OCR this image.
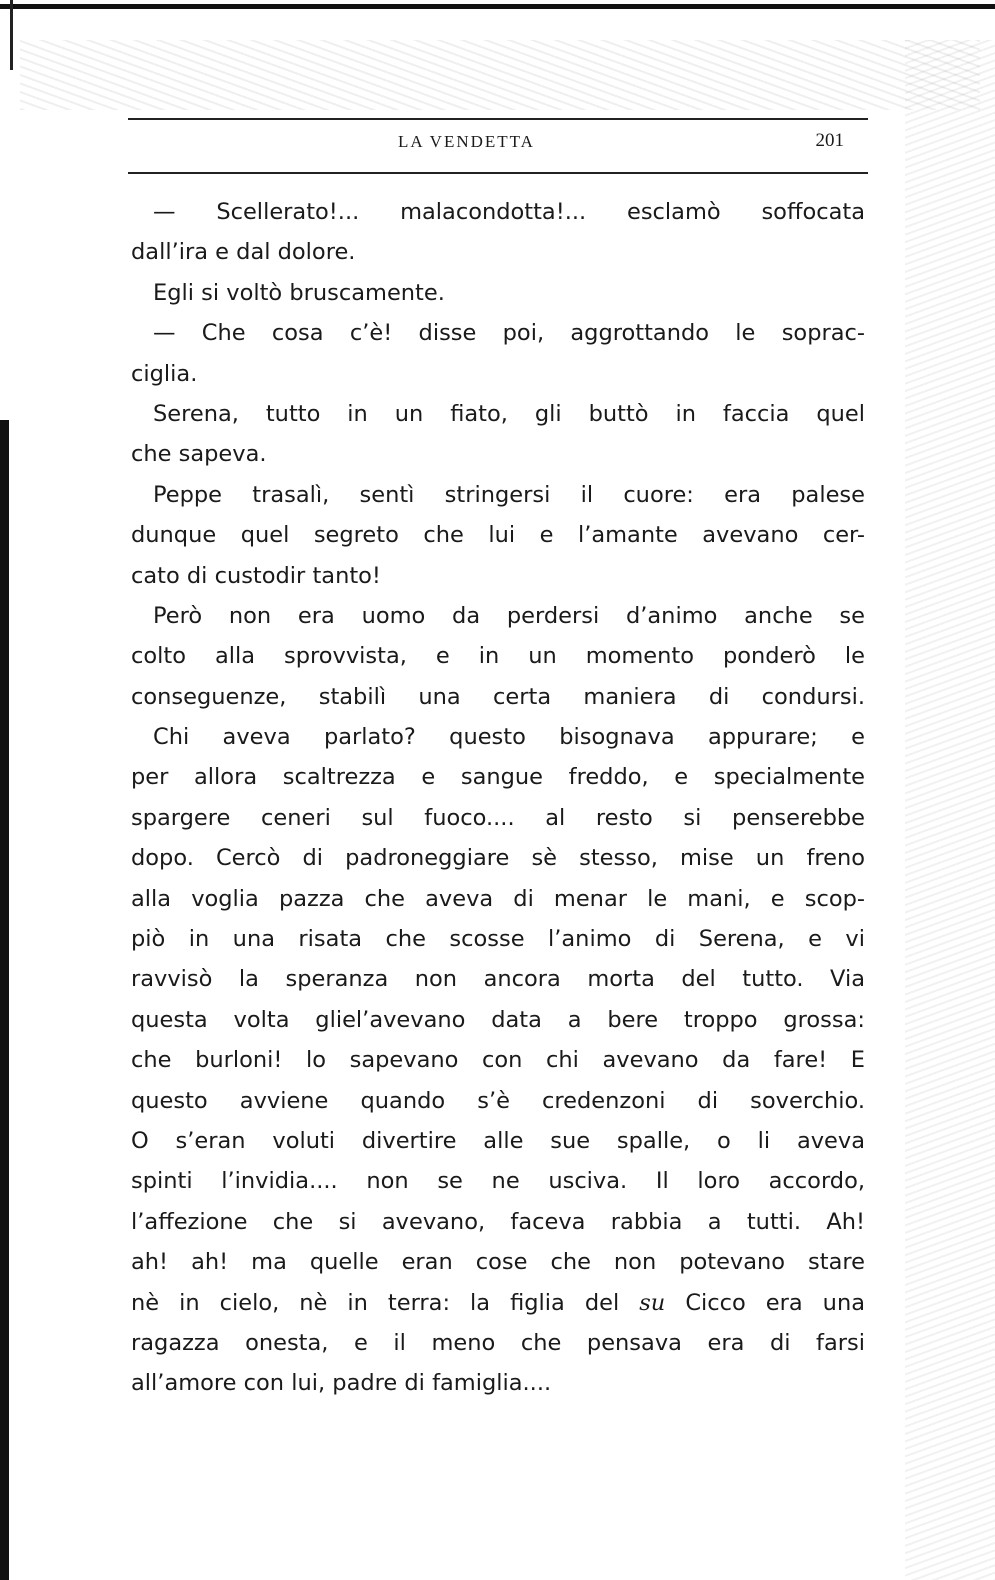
LA VENDETTA	201
— Scellerato!... malacondotta!... esclamò soffocata
dall’ira e dal dolore.
Egli si voltò bruscamente.
— Che cosa c’è! disse poi, aggrottando le soprac-
ciglia.
Serena, tutto in un fiato, gli buttò in faccia quel
che sapeva.
Peppe trasalì, sentì stringersi il cuore: era palese
dunque quel segreto che lui e l’amante avevano cer-
cato di custodir tanto!
Però non era uomo da perdersi d’animo anche se
colto alla sprovvista, e in un momento ponderò le
conseguenze, stabilì una certa maniera di condursi.
Chi aveva parlato? questo bisognava appurare; e
per allora scaltrezza e sangue freddo, e specialmente
spargere ceneri sul fuoco.... al resto si penserebbe
dopo. Cercò di padroneggiare sè stesso, mise un freno
alla voglia pazza che aveva di menar le mani, e scop-
piò in una risata che scosse l’animo di Serena, e vi
ravvisò la speranza non ancora morta del tutto. Via
questa volta gliel’avevano data a bere troppo grossa:
che burloni! lo sapevano con chi avevano da fare! E
questo avviene quando s’è credenzoni di soverchio.
O s’eran voluti divertire alle sue spalle, o li aveva
spinti l’invidia.... non se ne usciva. Il loro accordo,
l’affezione che si avevano, faceva rabbia a tutti. Ah!
ah! ah! ma quelle eran cose che non potevano stare
nè in cielo, nè in terra: la figlia del su Cicco era una
ragazza onesta, e il meno che pensava era di farsi
all’amore con lui, padre di famiglia....
